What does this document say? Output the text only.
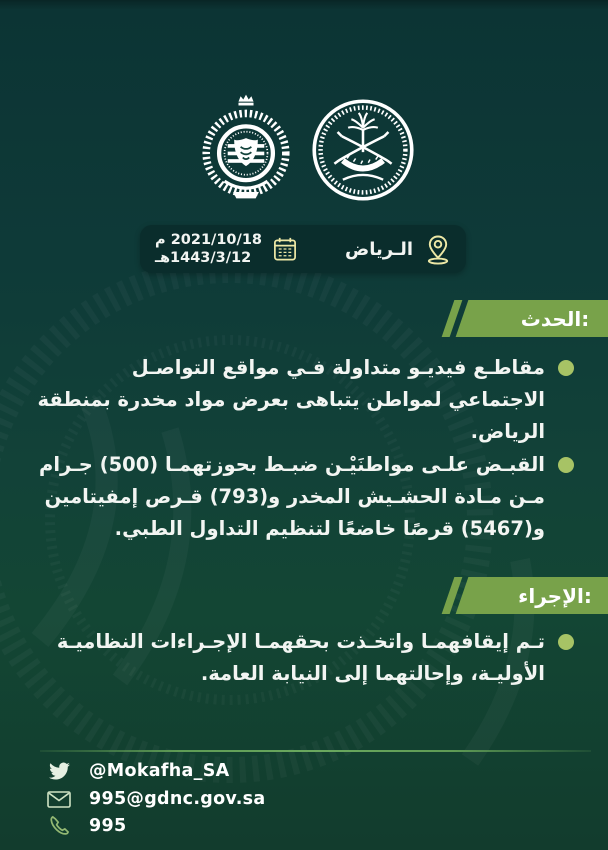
الـرياض
2021/10/18 م
1443/3/12هـ
الحدث:
مقاطـع فيديـو متداولة فـي مواقع التواصـل الاجتماعي لمواطن يتباهى بعرض مواد مخدرة بمنطقة الرياض.
القبـض علـى مواطنَيْـن ضبـط بحوزتهمـا (500) جـرام مـن مـادة الحشـيش المخدر و(793) قـرص إمفيتامين و(5467) قرصًا خاضعًا لتنظيم التداول الطبي.
الإجراء:
تـم إيقافهمـا واتخـذت بحقهمـا الإجـراءات النظاميـة الأوليـة، وإحالتهما إلى النيابة العامة.
@Mokafha_SA
995@gdnc.gov.sa
995
